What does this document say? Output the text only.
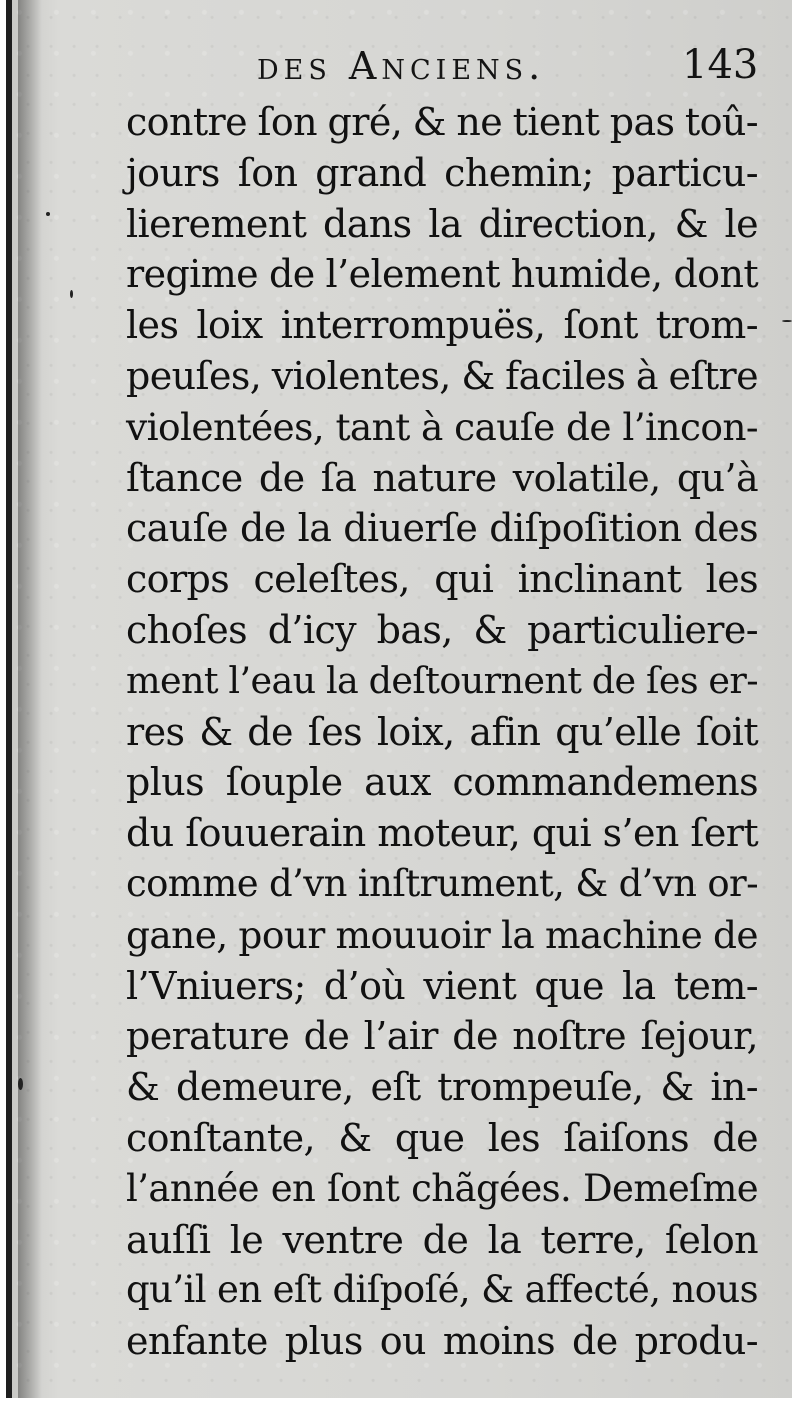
des Anciens.	143
contre ſon gré, & ne tient pas toû-
jours ſon grand chemin; particu-
lierement dans la direction, & le
regime de l’element humide, dont
les loix interrompuës, ſont trom-
peuſes, violentes, & faciles à eſtre
violentées, tant à cauſe de l’incon-
ſtance de ſa nature volatile, qu’à
cauſe de la diuerſe diſpoſition des
corps celeſtes, qui inclinant les
choſes d’icy bas, & particuliere-
ment l’eau la deſtournent de ſes er-
res & de ſes loix, afin qu’elle ſoit
plus ſouple aux commandemens
du ſouuerain moteur, qui s’en ſert
comme d’vn inſtrument, & d’vn or-
gane, pour mouuoir la machine de
l’Vniuers; d’où vient que la tem-
perature de l’air de noſtre ſejour,
& demeure, eſt trompeuſe, & in-
conſtante, & que les ſaiſons de
l’année en ſont chãgées. Demeſme
auſſi le ventre de la terre, ſelon
qu’il en eſt diſpoſé, & affecté, nous
enfante plus ou moins de produ-
